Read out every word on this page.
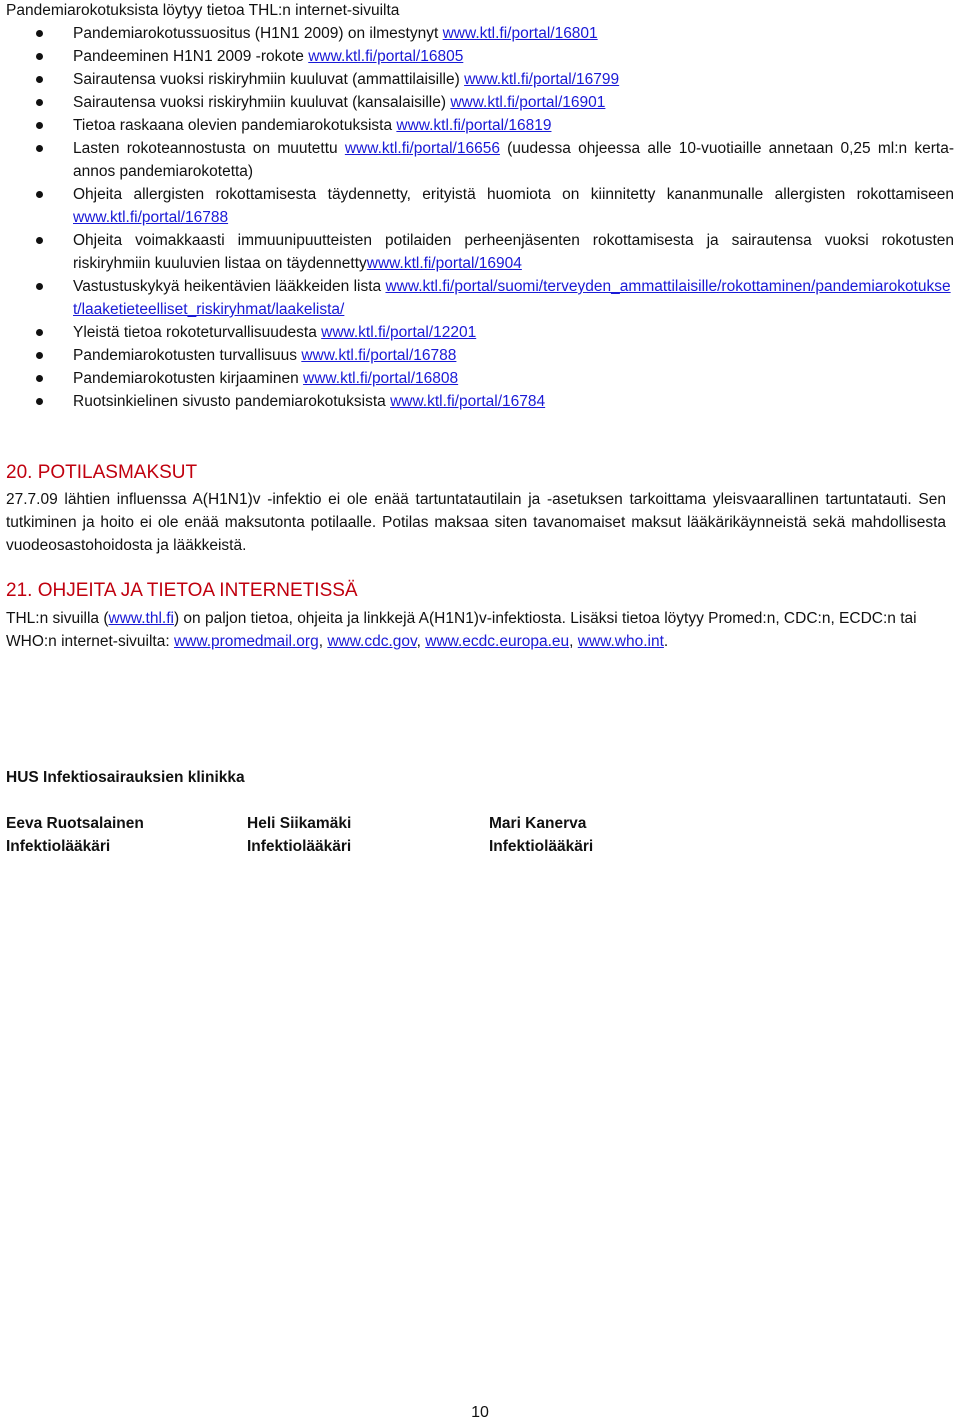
Pandemiarokotuksista löytyy tietoa THL:n internet-sivuilta
Pandemiarokotussuositus (H1N1 2009) on ilmestynyt www.ktl.fi/portal/16801
Pandeeminen H1N1 2009 -rokote www.ktl.fi/portal/16805
Sairautensa vuoksi riskiryhmiin kuuluvat (ammattilaisille) www.ktl.fi/portal/16799
Sairautensa vuoksi riskiryhmiin kuuluvat (kansalaisille) www.ktl.fi/portal/16901
Tietoa raskaana olevien pandemiarokotuksista www.ktl.fi/portal/16819
Lasten rokoteannostusta on muutettu www.ktl.fi/portal/16656 (uudessa ohjeessa alle 10-vuotiaille annetaan 0,25 ml:n kerta-annos pandemiarokotetta)
Ohjeita allergisten rokottamisesta täydennetty, erityistä huomiota on kiinnitetty kananmunalle allergisten rokottamiseen www.ktl.fi/portal/16788
Ohjeita voimakkaasti immuunipuutteisten potilaiden perheenjäsenten rokottamisesta ja sairautensa vuoksi rokotusten riskiryhmiin kuuluvien listaa on täydennettywww.ktl.fi/portal/16904
Vastustuskykyä heikentävien lääkkeiden lista www.ktl.fi/portal/suomi/terveyden_ammattilaisille/rokottaminen/pandemiarokotukset/laaketieteelliset_riskiryhmat/laakelista/
Yleistä tietoa rokoteturvallisuudesta www.ktl.fi/portal/12201
Pandemiarokotusten turvallisuus www.ktl.fi/portal/16788
Pandemiarokotusten kirjaaminen www.ktl.fi/portal/16808
Ruotsinkielinen sivusto pandemiarokotuksista www.ktl.fi/portal/16784
20. POTILASMAKSUT

27.7.09 lähtien influenssa A(H1N1)v -infektio ei ole enää tartuntatautilain ja -asetuksen tarkoittama yleisvaarallinen tartuntatauti. Sen tutkiminen ja hoito ei ole enää maksutonta potilaalle. Potilas maksaa siten tavanomaiset maksut lääkärikäynneistä sekä mahdollisesta vuodeosastohoidosta ja lääkkeistä.

21. OHJEITA JA TIETOA INTERNETISSÄ

THL:n sivuilla (www.thl.fi) on paljon tietoa, ohjeita ja linkkejä A(H1N1)v-infektiosta. Lisäksi tietoa löytyy Promed:n, CDC:n, ECDC:n tai WHO:n internet-sivuilta: www.promedmail.org, www.cdc.gov, www.ecdc.europa.eu, www.who.int.

HUS Infektiosairauksien klinikka

Eeva Ruotsalainen
Infektiolääkäri
Heli Siikamäki
Infektiolääkäri
Mari Kanerva
Infektiolääkäri
10
